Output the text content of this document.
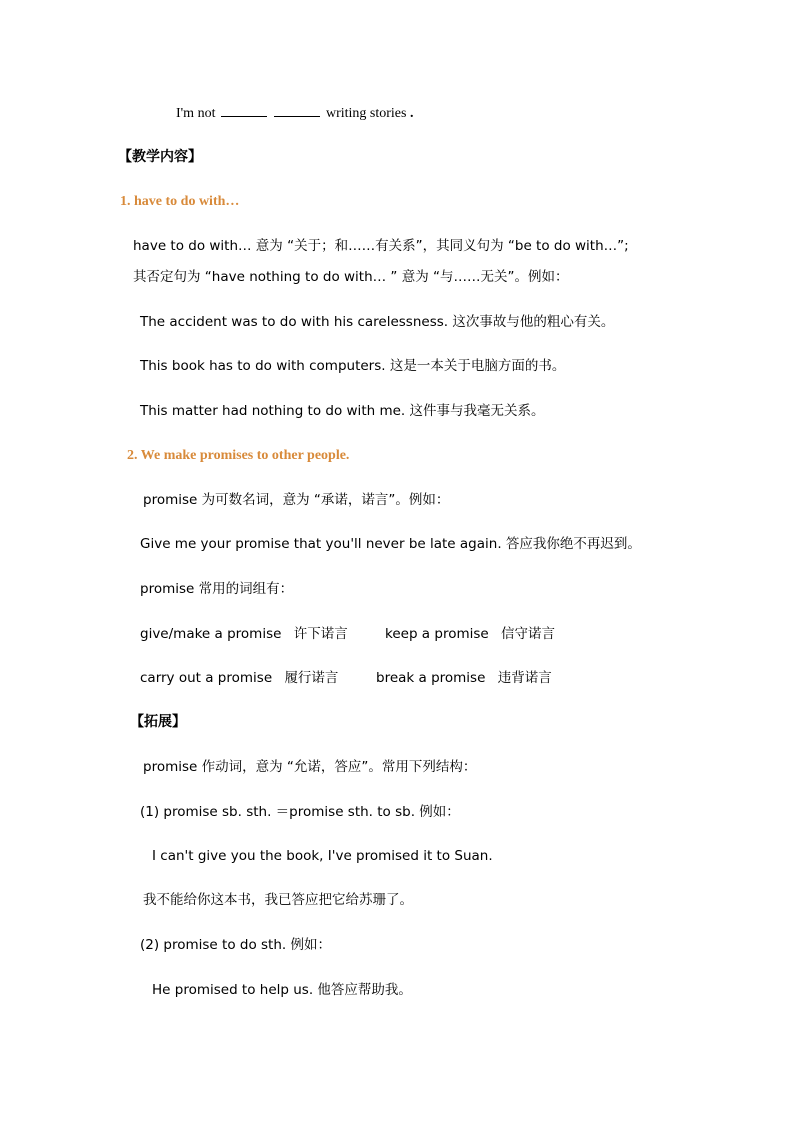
I'm not	writing stories .
【教学内容】
1. have to do with…
have to do with… 意为 “关于；和……有关系”，其同义句为 “be to do with…”;
其否定句为 “have nothing to do with… ” 意为 “与……无关”。例如：
The accident was to do with his carelessness. 这次事故与他的粗心有关。
This book has to do with computers. 这是一本关于电脑方面的书。
This matter had nothing to do with me. 这件事与我毫无关系。
2. We make promises to other people.
promise 为可数名词，意为 “承诺，诺言”。例如：
Give me your promise that you'll never be late again. 答应我你绝不再迟到。
promise 常用的词组有：
give/make a promise 许下诺言	keep a promise 信守诺言
carry out a promise 履行诺言	break a promise 违背诺言
【拓展】
promise 作动词，意为 “允诺，答应”。常用下列结构：
(1) promise sb. sth. ＝promise sth. to sb. 例如：
I can't give you the book, I've promised it to Suan.
我不能给你这本书，我已答应把它给苏珊了。
(2) promise to do sth. 例如：
He promised to help us. 他答应帮助我。
